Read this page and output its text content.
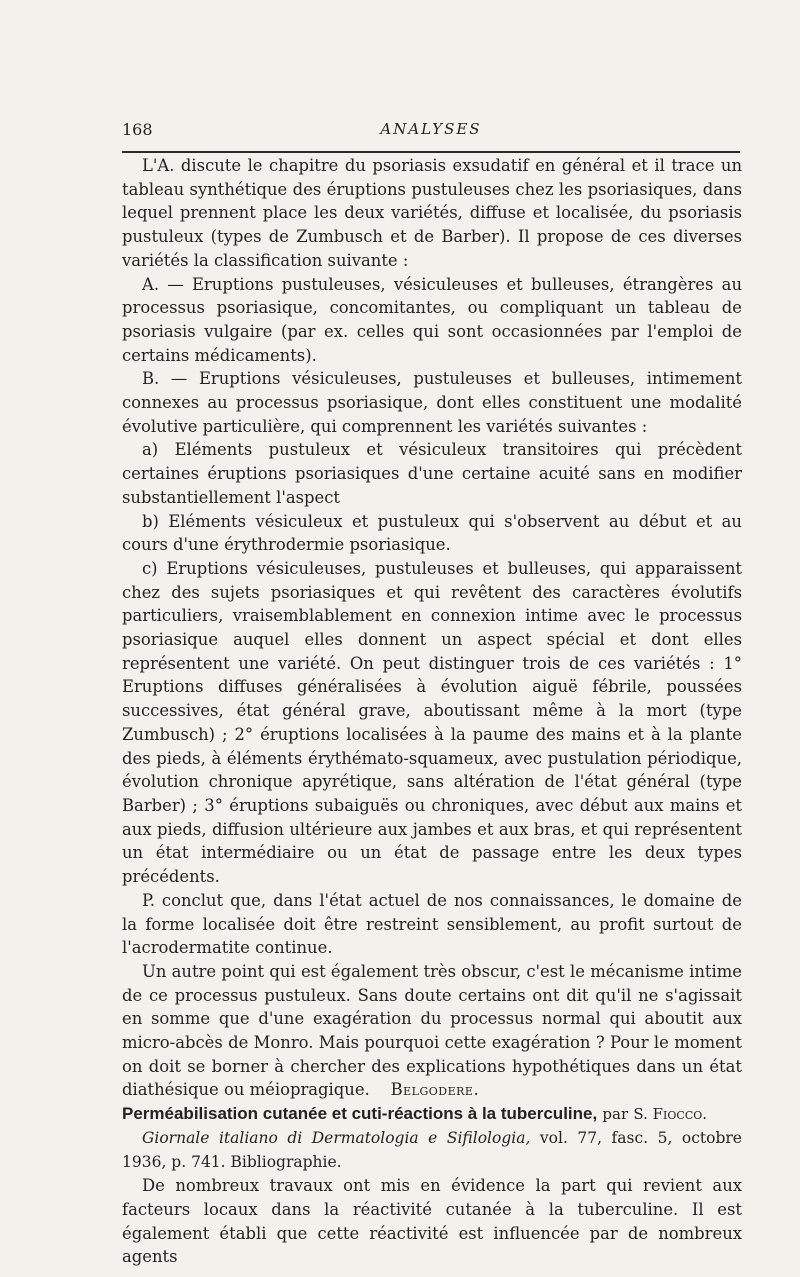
168	ANALYSES

L'A. discute le chapitre du psoriasis exsudatif en général et il trace un tableau synthétique des éruptions pustuleuses chez les psoriasiques, dans lequel prennent place les deux variétés, diffuse et localisée, du psoriasis pustuleux (types de Zumbusch et de Barber). Il propose de ces diverses variétés la classification suivante :

A. — Eruptions pustuleuses, vésiculeuses et bulleuses, étrangères au processus psoriasique, concomitantes, ou compliquant un tableau de psoriasis vulgaire (par ex. celles qui sont occasionnées par l'emploi de certains médicaments).

B. — Eruptions vésiculeuses, pustuleuses et bulleuses, intimement connexes au processus psoriasique, dont elles constituent une modalité évolutive particulière, qui comprennent les variétés suivantes :

a) Eléments pustuleux et vésiculeux transitoires qui précèdent certaines éruptions psoriasiques d'une certaine acuité sans en modifier substantiellement l'aspect

b) Eléments vésiculeux et pustuleux qui s'observent au début et au cours d'une érythrodermie psoriasique.

c) Eruptions vésiculeuses, pustuleuses et bulleuses, qui apparaissent chez des sujets psoriasiques et qui revêtent des caractères évolutifs particuliers, vraisemblablement en connexion intime avec le processus psoriasique auquel elles donnent un aspect spécial et dont elles représentent une variété. On peut distinguer trois de ces variétés : 1° Eruptions diffuses généralisées à évolution aiguë fébrile, poussées successives, état général grave, aboutissant même à la mort (type Zumbusch) ; 2° éruptions localisées à la paume des mains et à la plante des pieds, à éléments érythémato-squameux, avec pustulation périodique, évolution chronique apyrétique, sans altération de l'état général (type Barber) ; 3° éruptions subaiguës ou chroniques, avec début aux mains et aux pieds, diffusion ultérieure aux jambes et aux bras, et qui représentent un état intermédiaire ou un état de passage entre les deux types précédents.

P. conclut que, dans l'état actuel de nos connaissances, le domaine de la forme localisée doit être restreint sensiblement, au profit surtout de l'acrodermatite continue.

Un autre point qui est également très obscur, c'est le mécanisme intime de ce processus pustuleux. Sans doute certains ont dit qu'il ne s'agissait en somme que d'une exagération du processus normal qui aboutit aux micro-abcès de Monro. Mais pourquoi cette exagération ? Pour le moment on doit se borner à chercher des explications hypothétiques dans un état diathésique ou méiopragique. Belgodere.

Perméabilisation cutanée et cuti-réactions à la tuberculine, par S. Fiocco.

Giornale italiano di Dermatologia e Sifilologia, vol. 77, fasc. 5, octobre 1936, p. 741. Bibliographie.

De nombreux travaux ont mis en évidence la part qui revient aux facteurs locaux dans la réactivité cutanée à la tuberculine. Il est également établi que cette réactivité est influencée par de nombreux agents
